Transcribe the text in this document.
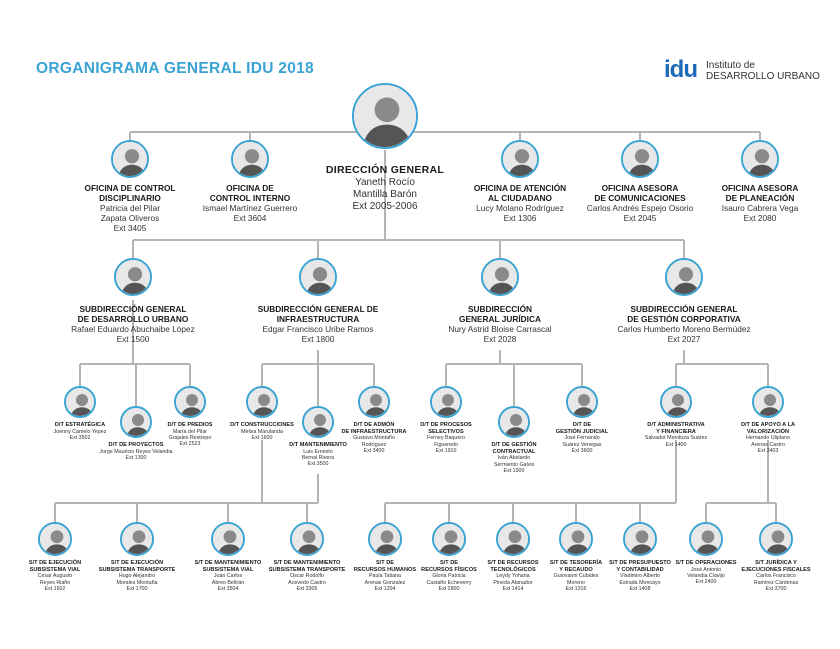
ORGANIGRAMA GENERAL IDU 2018	idu Instituto de
DESARROLLO URBANO
DIRECCIÓN GENERAL
Yaneth Rocío
Mantilla Barón
Ext 2005-2006
OFICINA DE CONTROL
DISCIPLINARIO
Patricia del Pilar
Zapata Oliveros
Ext 3405
OFICINA DE
CONTROL INTERNO
Ismael Martínez Guerrero
Ext 3604
OFICINA DE ATENCIÓN
AL CIUDADANO
Lucy Molano Rodríguez
Ext 1306
OFICINA ASESORA
DE COMUNICACIONES
Carlos Andrés Espejo Osorio
Ext 2045
OFICINA ASESORA
DE PLANEACIÓN
Isauro Cabrera Vega
Ext 2080
SUBDIRECCIÓN GENERAL
DE DESARROLLO URBANO
Rafael Eduardo Abuchaibe López
Ext 1500
SUBDIRECCIÓN GENERAL DE
INFRAESTRUCTURA
Edgar Francisco Uribe Ramos
Ext 1800
SUBDIRECCIÓN
GENERAL JURÍDICA
Nury Astrid Bloise Carrascal
Ext 2028
SUBDIRECCIÓN GENERAL
DE GESTIÓN CORPORATIVA
Carlos Humberto Moreno Bermúdez
Ext 2027
D/T ESTRATÉGICA
Joenny Camelo Yepez
Ext 3502
D/T DE PROYECTOS
Jorge Mauricio Reyes Velandia
Ext 1300
D/T DE PREDIOS
María del Pilar
Grajales Restrepo
Ext 2523
D/T CONSTRUCCIONES
Melixa Marulanda
Ext 1600
D/T MANTENIMIENTO
Luis Ernesto
Bernal Rivera
Ext 3500
D/T DE ADMÓN
DE INFRAESTRUCTURA
Gustavo Montaño
Rodríguez
Ext 3400
D/T DE PROCESOS
SELECTIVOS
Ferney Baquero
Figueredo
Ext 1910
D/T DE GESTIÓN
CONTRACTUAL
Iván Abelardo
Sermiento Galvis
Ext 1900
D/T DE
GESTIÓN JUDICIAL
José Fernando
Suárez Venegas
Ext 3600
D/T ADMINISTRATIVA
Y FINANCIERA
Salvador Mendoza Suárez
Ext 1400
D/T DE APOYO A LA
VALORIZACIÓN
Hernando Uliplano
Arenas Castro
Ext 3403
S/T DE EJECUCIÓN
SUBSISTEMA VIAL
Cesar Augusto
Reyes Riaño
Ext 1602
S/T DE EJECUCIÓN
SUBSISTEMA TRANSPORTE
Hugo Alejandro
Morales Montaña
Ext 1700
S/T DE MANTENIMIENTO
SUBSISTEMA VIAL
Juan Carlos
Abreo Beltrán
Ext 3504
S/T DE MANTENIMIENTO
SUBSISTEMA TRANSPORTE
Oscar Rodolfo
Acevedo Castro
Ext 3305
S/T DE
RECURSOS HUMANOS
Paula Tatiana
Arenas Gonzalez
Ext 1204
S/T DE
RECURSOS FÍSICOS
Gloria Patricia
Castaño Echeverry
Ext 2800
S/T DE RECURSOS
TECNOLÓGICOS
Leydy Yohana
Pineda Afanador
Ext 1414
S/T DE TESORERÍA
Y RECAUDO
Guiovanni Cubides
Moreno
Ext 1316
S/T DE PRESUPUESTO
Y CONTABILIDAD
Vladimiro Alberto
Estrada Moncayo
Ext 1408
S/T DE OPERACIONES
José Antonio
Velandia Clavijo
Ext 2400
S/T JURÍDICA Y
EJECUCIONES FISCALES
Carlos Francisco
Ramírez Cárdenas
Ext 3700
